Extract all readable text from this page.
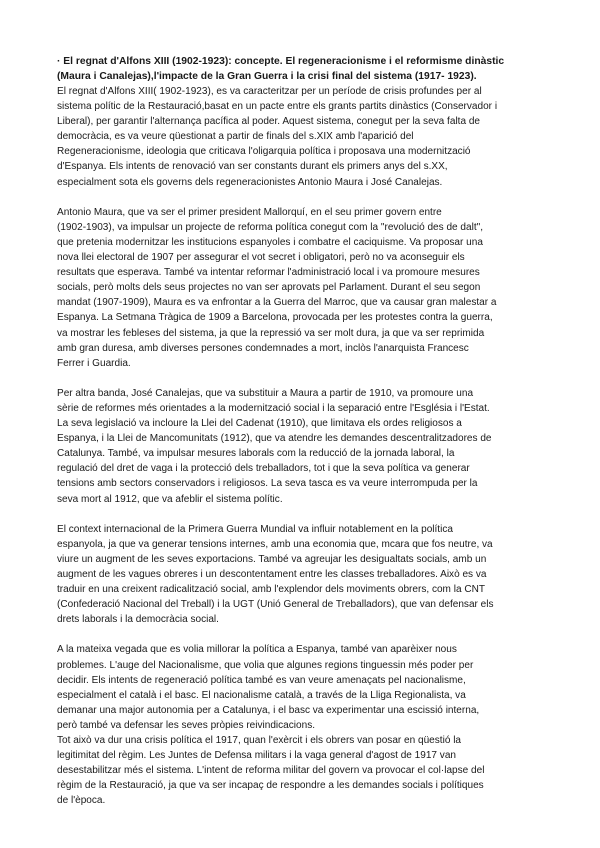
· El regnat d'Alfons XIII (1902-1923): concepte. El regeneracionisme i el reformisme dinàstic
(Maura i Canalejas),l'impacte de la Gran Guerra i la crisi final del sistema (1917- 1923).

El regnat d'Alfons XIII( 1902-1923), es va caracteritzar per un període de crisis profundes per al
sistema polític de la Restauració,basat en un pacte entre els grants partits dinàstics (Conservador i
Liberal), per garantir l'alternança pacífica al poder. Aquest sistema, conegut per la seva falta de
democràcia, es va veure qüestionat a partir de finals del s.XIX amb l'aparició del
Regeneracionisme, ideologia que criticava l'oligarquia política i proposava una modernització
d'Espanya. Els intents de renovació van ser constants durant els primers anys del s.XX,
especialment sota els governs dels regeneracionistes Antonio Maura i José Canalejas.

Antonio Maura, que va ser el primer president Mallorquí, en el seu primer govern entre
(1902-1903), va impulsar un projecte de reforma política conegut com la "revolució des de dalt",
que pretenia modernitzar les institucions espanyoles i combatre el caciquisme. Va proposar una
nova llei electoral de 1907 per assegurar el vot secret i obligatori, però no va aconseguir els
resultats que esperava. També va intentar reformar l'administració local i va promoure mesures
socials, però molts dels seus projectes no van ser aprovats pel Parlament. Durant el seu segon
mandat (1907-1909), Maura es va enfrontar a la Guerra del Marroc, que va causar gran malestar a
Espanya. La Setmana Tràgica de 1909 a Barcelona, provocada per les protestes contra la guerra,
va mostrar les febleses del sistema, ja que la repressió va ser molt dura, ja que va ser reprimida
amb gran duresa, amb diverses persones condemnades a mort, inclòs l'anarquista Francesc
Ferrer i Guardia.

Per altra banda, José Canalejas, que va substituir a Maura a partir de 1910, va promoure una
sèrie de reformes més orientades a la modernització social i la separació entre l'Església i l'Estat.
La seva legislació va incloure la Llei del Cadenat (1910), que limitava els ordes religiosos a
Espanya, i la Llei de Mancomunitats (1912), que va atendre les demandes descentralitzadores de
Catalunya. També, va impulsar mesures laborals com la reducció de la jornada laboral, la
regulació del dret de vaga i la protecció dels treballadors, tot i que la seva política va generar
tensions amb sectors conservadors i religiosos. La seva tasca es va veure interrompuda per la
seva mort al 1912, que va afeblir el sistema polític.

El context internacional de la Primera Guerra Mundial va influir notablement en la política
espanyola, ja que va generar tensions internes, amb una economia que, mcara que fos neutre, va
viure un augment de les seves exportacions. També va agreujar les desigualtats socials, amb un
augment de les vagues obreres i un descontentament entre les classes treballadores. Això es va
traduir en una creixent radicalització social, amb l'explendor dels moviments obrers, com la CNT
(Confederació Nacional del Treball) i la UGT (Unió General de Treballadors), que van defensar els
drets laborals i la democràcia social.

A la mateixa vegada que es volia millorar la política a Espanya, també van aparèixer nous
problemes. L'auge del Nacionalisme, que volia que algunes regions tinguessin més poder per
decidir. Els intents de regeneració política també es van veure amenaçats pel nacionalisme,
especialment el català i el basc. El nacionalisme català, a través de la Lliga Regionalista, va
demanar una major autonomia per a Catalunya, i el basc va experimentar una escissió interna,
però també va defensar les seves pròpies reivindicacions.

Tot això va dur una crisis política el 1917, quan l'exèrcit i els obrers van posar en qüestió la
legitimitat del règim. Les Juntes de Defensa militars i la vaga general d'agost de 1917 van
desestabilitzar més el sistema. L'intent de reforma militar del govern va provocar el col·lapse del
règim de la Restauració, ja que va ser incapaç de respondre a les demandes socials i polítiques
de l'època.
